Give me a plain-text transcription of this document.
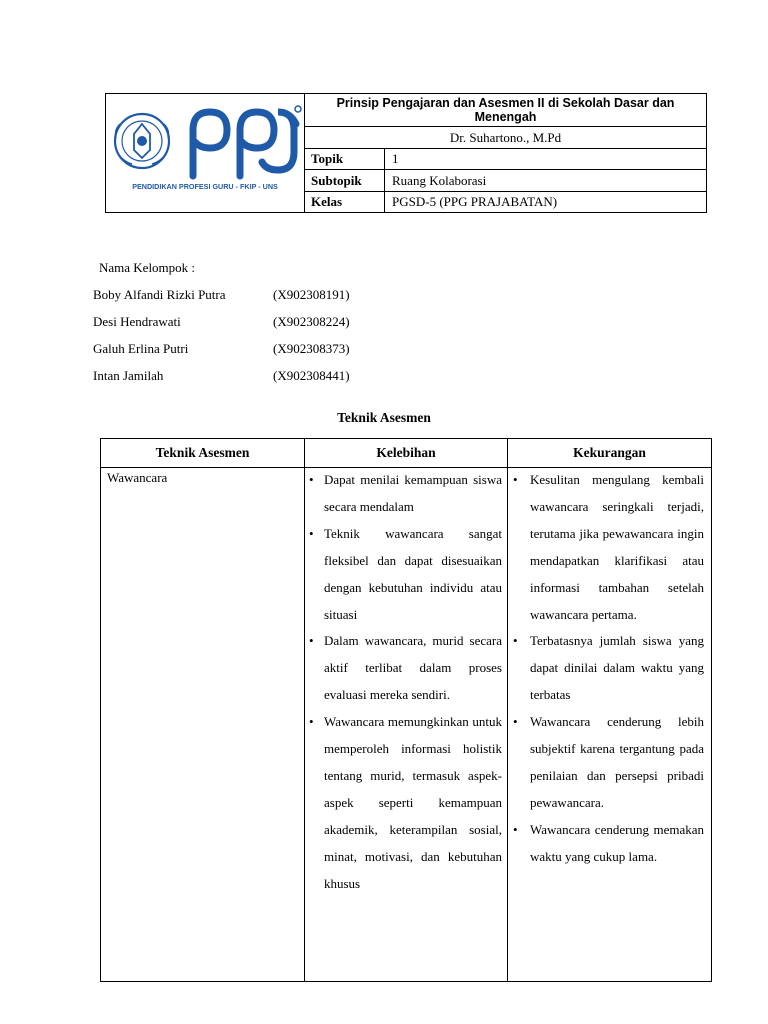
PENDIDIKAN PROFESI GURU - FKIP - UNS
Prinsip Pengajaran dan Asesmen II di Sekolah Dasar dan Menengah
Dr. Suhartono., M.Pd
Topik	1
Subtopik	Ruang Kolaborasi
Kelas	PGSD-5 (PPG PRAJABATAN)
Nama Kelompok :
Boby Alfandi Rizki Putra	(X902308191)
Desi Hendrawati	(X902308224)
Galuh Erlina Putri	(X902308373)
Intan Jamilah	(X902308441)
Teknik Asesmen
Teknik Asesmen	Kelebihan	Kekurangan
Wawancara
•	Dapat menilai kemampuan siswa secara mendalam
• Teknik wawancara sangat fleksibel dan dapat disesuaikan dengan kebutuhan individu atau situasi
• Dalam wawancara, murid secara aktif terlibat dalam proses evaluasi mereka sendiri.
• Wawancara memungkinkan untuk memperoleh informasi holistik tentang murid, termasuk aspek-aspek seperti kemampuan akademik, keterampilan sosial, minat, motivasi, dan kebutuhan khusus
• Kesulitan mengulang kembali wawancara seringkali terjadi, terutama jika pewawancara ingin mendapatkan klarifikasi atau informasi tambahan setelah wawancara pertama.
• Terbatasnya jumlah siswa yang dapat dinilai dalam waktu yang terbatas
• Wawancara cenderung lebih subjektif karena tergantung pada penilaian dan persepsi pribadi pewawancara.
• Wawancara cenderung memakan waktu yang cukup lama.
